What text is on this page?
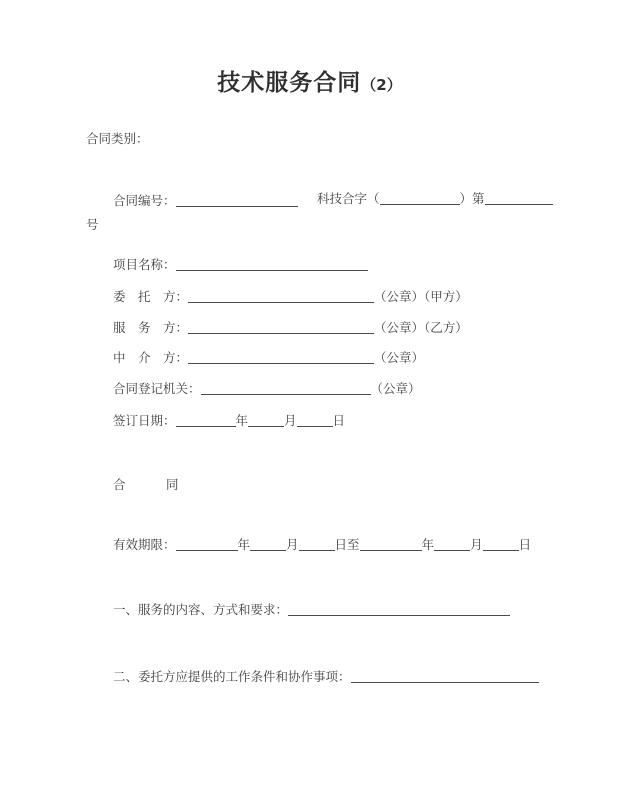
技术服务合同（2）
合同类别：
合同编号：	科技合字（	）第
号
项目名称：
委　托　方：	（公章）（甲方）
服　务　方：	（公章）（乙方）
中　介　方：	（公章）
合同登记机关：	（公章）
签订日期：	年	月	日
合　同
有效期限：	年	月	日至	年	月	日
一、服务的内容、方式和要求：
二、委托方应提供的工作条件和协作事项：
